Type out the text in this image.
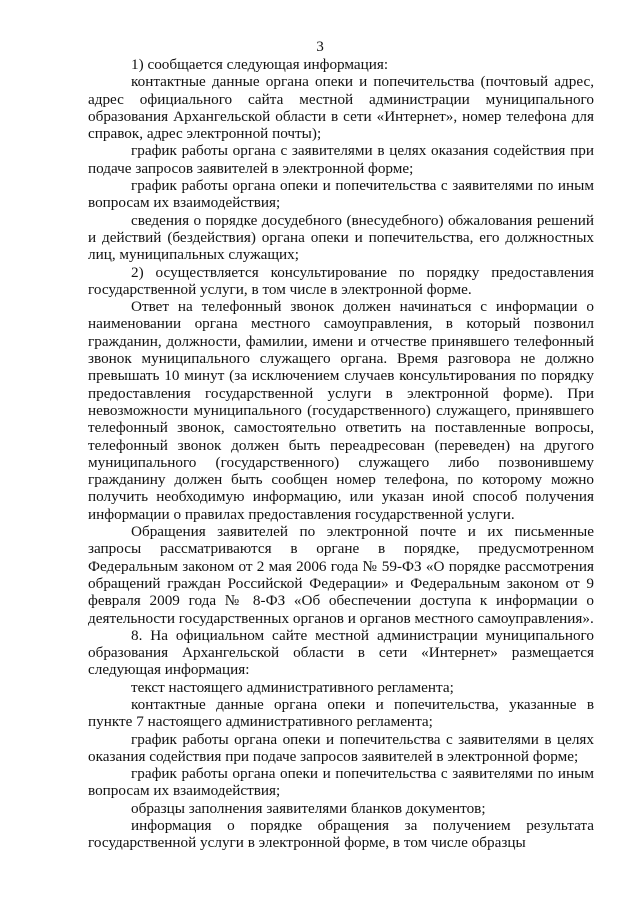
3

1) сообщается следующая информация:

контактные данные органа опеки и попечительства (почтовый адрес, адрес официального сайта местной администрации муниципального образования Архангельской области в сети «Интернет», номер телефона для справок, адрес электронной почты);

график работы органа с заявителями в целях оказания содействия при подаче запросов заявителей в электронной форме;

график работы органа опеки и попечительства с заявителями по иным вопросам их взаимодействия;

сведения о порядке досудебного (внесудебного) обжалования решений и действий (бездействия) органа опеки и попечительства, его должностных лиц, муниципальных служащих;

2) осуществляется консультирование по порядку предоставления государственной услуги, в том числе в электронной форме.

Ответ на телефонный звонок должен начинаться с информации о наименовании органа местного самоуправления, в который позвонил гражданин, должности, фамилии, имени и отчестве принявшего телефонный звонок муниципального служащего органа. Время разговора не должно превышать 10 минут (за исключением случаев консультирования по порядку предоставления государственной услуги в электронной форме). При невозможности муниципального (государственного) служащего, принявшего телефонный звонок, самостоятельно ответить на поставленные вопросы, телефонный звонок должен быть переадресован (переведен) на другого муниципального (государственного) служащего либо позвонившему гражданину должен быть сообщен номер телефона, по которому можно получить необходимую информацию, или указан иной способ получения информации о правилах предоставления государственной услуги.

Обращения заявителей по электронной почте и их письменные запросы рассматриваются в органе в порядке, предусмотренном Федеральным законом от 2 мая 2006 года № 59-ФЗ «О порядке рассмотрения обращений граждан Российской Федерации» и Федеральным законом от 9 февраля 2009 года № 8-ФЗ «Об обеспечении доступа к информации о деятельности государственных органов и органов местного самоуправления».

8. На официальном сайте местной администрации муниципального образования Архангельской области в сети «Интернет» размещается следующая информация:

текст настоящего административного регламента;

контактные данные органа опеки и попечительства, указанные в пункте 7 настоящего административного регламента;

график работы органа опеки и попечительства с заявителями в целях оказания содействия при подаче запросов заявителей в электронной форме;

график работы органа опеки и попечительства с заявителями по иным вопросам их взаимодействия;

образцы заполнения заявителями бланков документов;

информация о порядке обращения за получением результата государственной услуги в электронной форме, в том числе образцы
